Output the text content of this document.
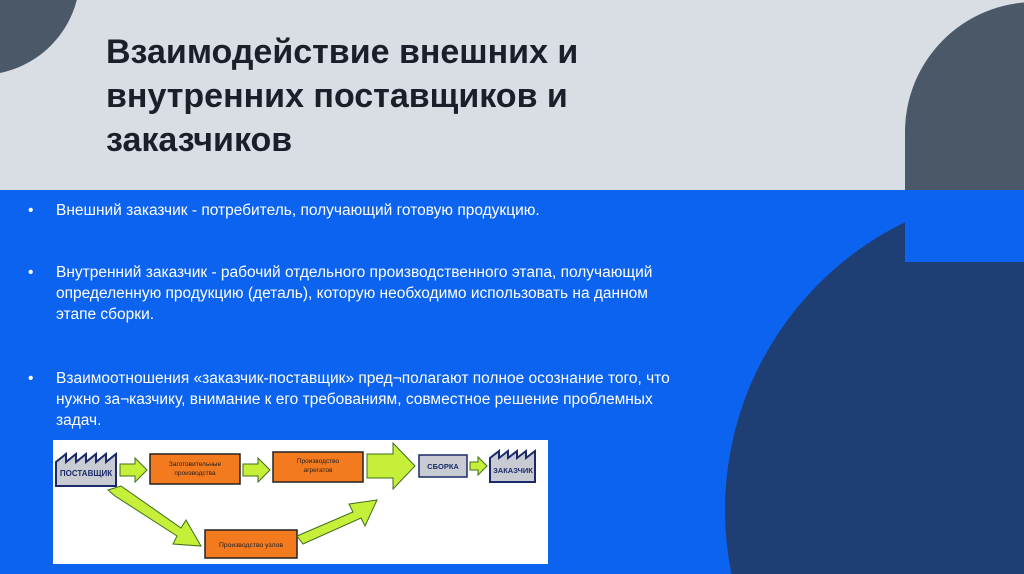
Взаимодействие внешних и
внутренних поставщиков и
заказчиков
• Внешний заказчик - потребитель, получающий готовую продукцию.
• Внутренний заказчик - рабочий отдельного производственного этапа, получающий
определенную продукцию (деталь), которую необходимо использовать на данном
этапе сборки.
• Взаимоотношения «заказчик-поставщик» пред¬полагают полное осознание того, что
нужно за¬казчику, внимание к его требованиям, совместное решение проблемных
задач.
ПОСТАВЩИК
Заготовительные
производства
Производство
агрегатов	СБОРКА	ЗАКАЗЧИК
Производство узлов
